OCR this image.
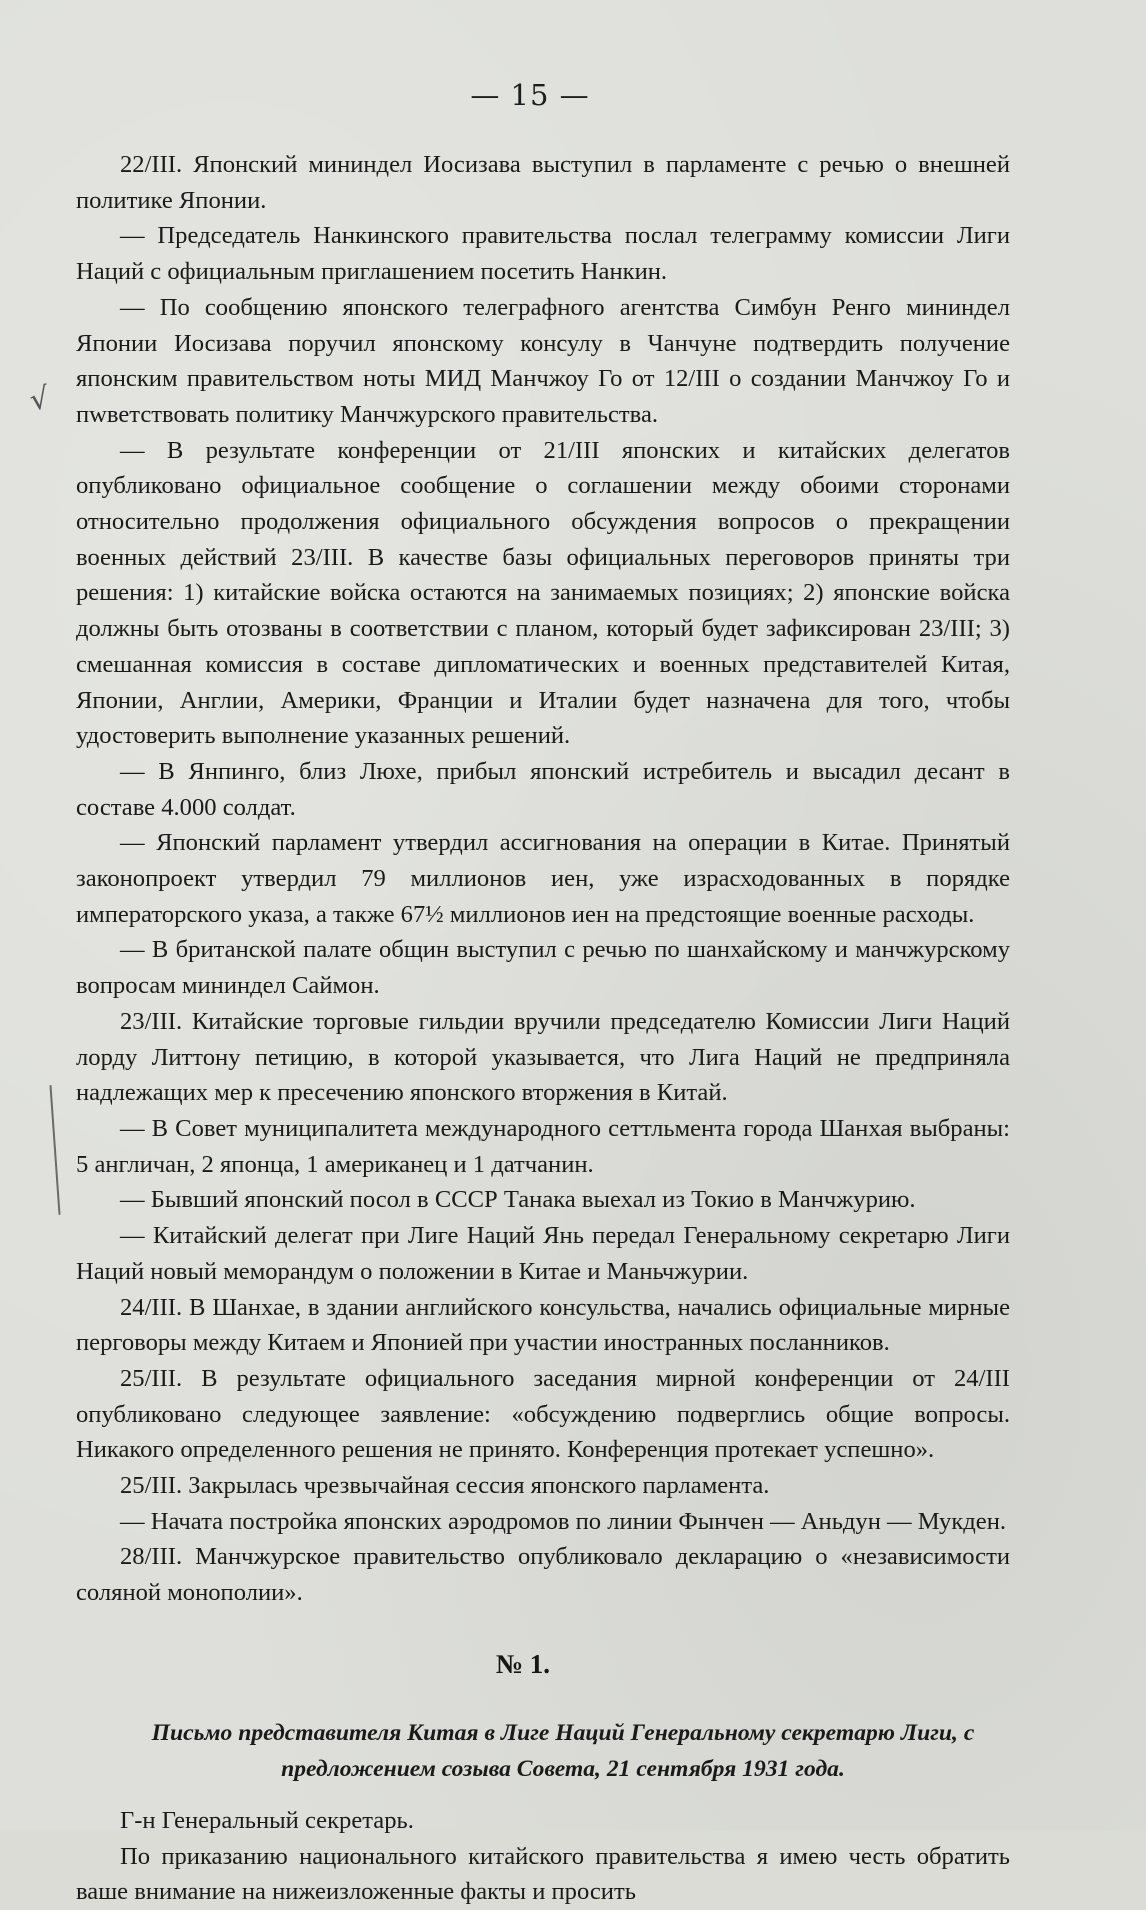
— 15 —
√

22/III. Японский мининдел Иосизава выступил в парламенте с речью о внешней политике Японии.

— Председатель Нанкинского правительства послал телеграмму комиссии Лиги Наций с официальным приглашением посетить Нанкин.

— По сообщению японского телеграфного агентства Симбун Ренго мининдел Японии Иосизава поручил японскому консулу в Чанчуне подтвердить получение японским правительством ноты МИД Манчжоу Го от 12/III о создании Манчжоу Го и пwветствовать политику Манчжурского правительства.

— В результате конференции от 21/III японских и китайских делегатов опубликовано официальное сообщение о соглашении между обоими сторонами относительно продолжения официального обсуждения вопросов о прекращении военных действий 23/III. В качестве базы официальных переговоров приняты три решения: 1) китайские войска остаются на занимаемых позициях; 2) японские войска должны быть отозваны в соответствии с планом, который будет зафиксирован 23/III; 3) смешанная комиссия в составе дипломатических и военных представителей Китая, Японии, Англии, Америки, Франции и Италии будет назначена для того, чтобы удостоверить выполнение указанных решений.

— В Янпинго, близ Люхе, прибыл японский истребитель и высадил десант в составе 4.000 солдат.

— Японский парламент утвердил ассигнования на операции в Китае. Принятый законопроект утвердил 79 миллионов иен, уже израсходованных в порядке императорского указа, а также 67½ миллионов иен на предстоящие военные расходы.

— В британской палате общин выступил с речью по шанхайскому и манчжурскому вопросам мининдел Саймон.

23/III. Китайские торговые гильдии вручили председателю Комиссии Лиги Наций лорду Литтону петицию, в которой указывается, что Лига Наций не предприняла надлежащих мер к пресечению японского вторжения в Китай.

— В Совет муниципалитета международного сеттльмента города Шанхая выбраны: 5 англичан, 2 японца, 1 американец и 1 датчанин.

— Бывший японский посол в СССР Танака выехал из Токио в Манчжурию.

— Китайский делегат при Лиге Наций Янь передал Генеральному секретарю Лиги Наций новый меморандум о положении в Китае и Маньчжурии.

24/III. В Шанхае, в здании английского консульства, начались официальные мирные перговоры между Китаем и Японией при участии иностранных посланников.

25/III. В результате официального заседания мирной конференции от 24/III опубликовано следующее заявление: «обсуждению подверглись общие вопросы. Никакого определенного решения не принято. Конференция протекает успешно».

25/III. Закрылась чрезвычайная сессия японского парламента.

— Начата постройка японских аэродромов по линии Фынчен — Аньдун — Мукден.

28/III. Манчжурское правительство опубликовало декларацию о «независимости соляной монополии».

№ 1.
Письмо представителя Китая в Лиге Наций Генеральному секретарю Лиги, с предложением созыва Совета, 21 сентября 1931 года.

Г-н Генеральный секретарь.

По приказанию национального китайского правительства я имею честь обратить ваше внимание на нижеизложенные факты и просить
